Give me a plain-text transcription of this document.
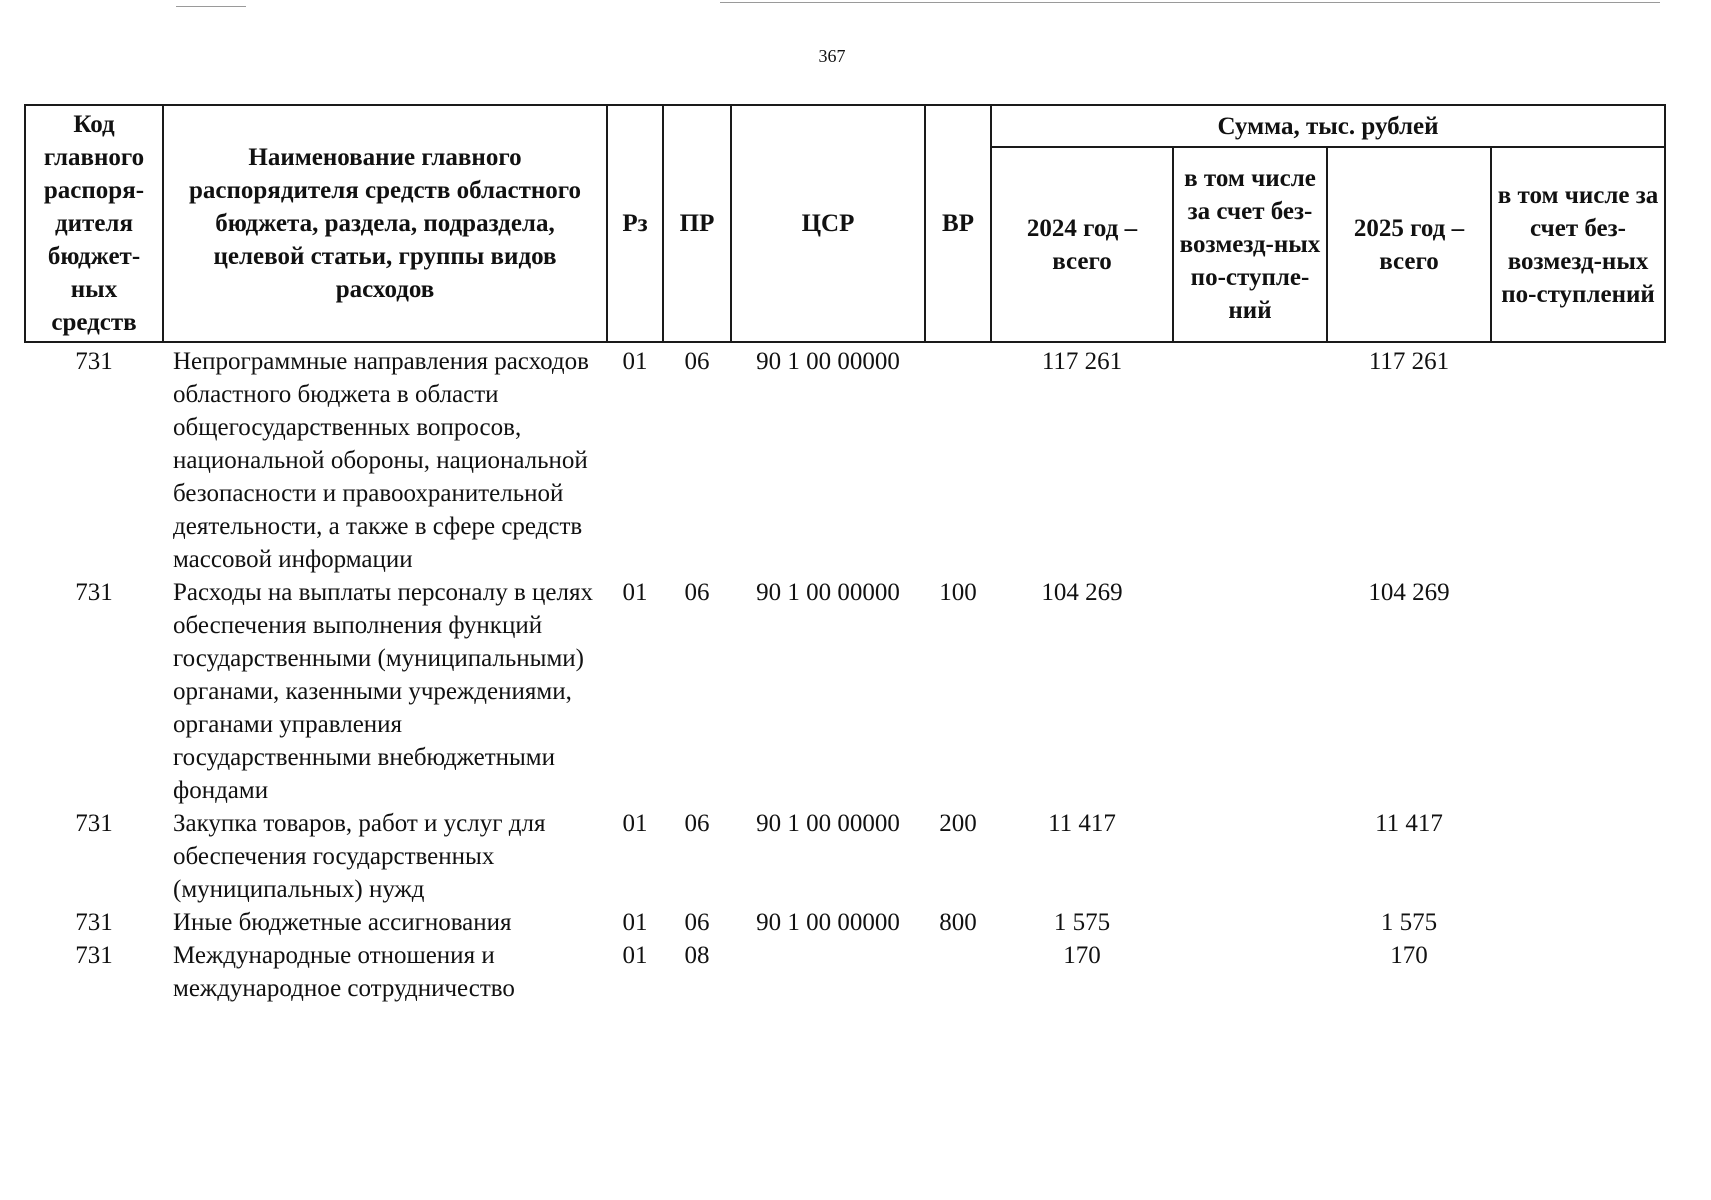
367
Код главного распоря-дителя бюджет-ных средств	Наименование главного распорядителя средств областного бюджета, раздела, подраздела, целевой статьи, группы видов расходов	Рз	ПР	ЦСР	ВР	Сумма, тыс. рублей			
						2024 год – всего	в том числе за счет без-возмезд-ных по-ступле-ний	2025 год – всего	в том числе за счет без-возмезд-ных по-ступлений

731	Непрограммные направления расходов областного бюджета в области общегосударственных вопросов, национальной обороны, национальной безопасности и правоохранительной деятельности, а также в сфере средств массовой информации	01	06	90 1 00 00000		117 261		117 261	
731	Расходы на выплаты персоналу в целях обеспечения выполнения функций государственными (муниципальными) органами, казенными учреждениями, органами управления государственными внебюджетными фондами	01	06	90 1 00 00000	100	104 269		104 269	
731	Закупка товаров, работ и услуг для обеспечения государственных (муниципальных) нужд	01	06	90 1 00 00000	200	11 417		11 417	
731	Иные бюджетные ассигнования	01	06	90 1 00 00000	800	1 575		1 575	
731	Международные отношения и международное сотрудничество	01	08			170		170	
